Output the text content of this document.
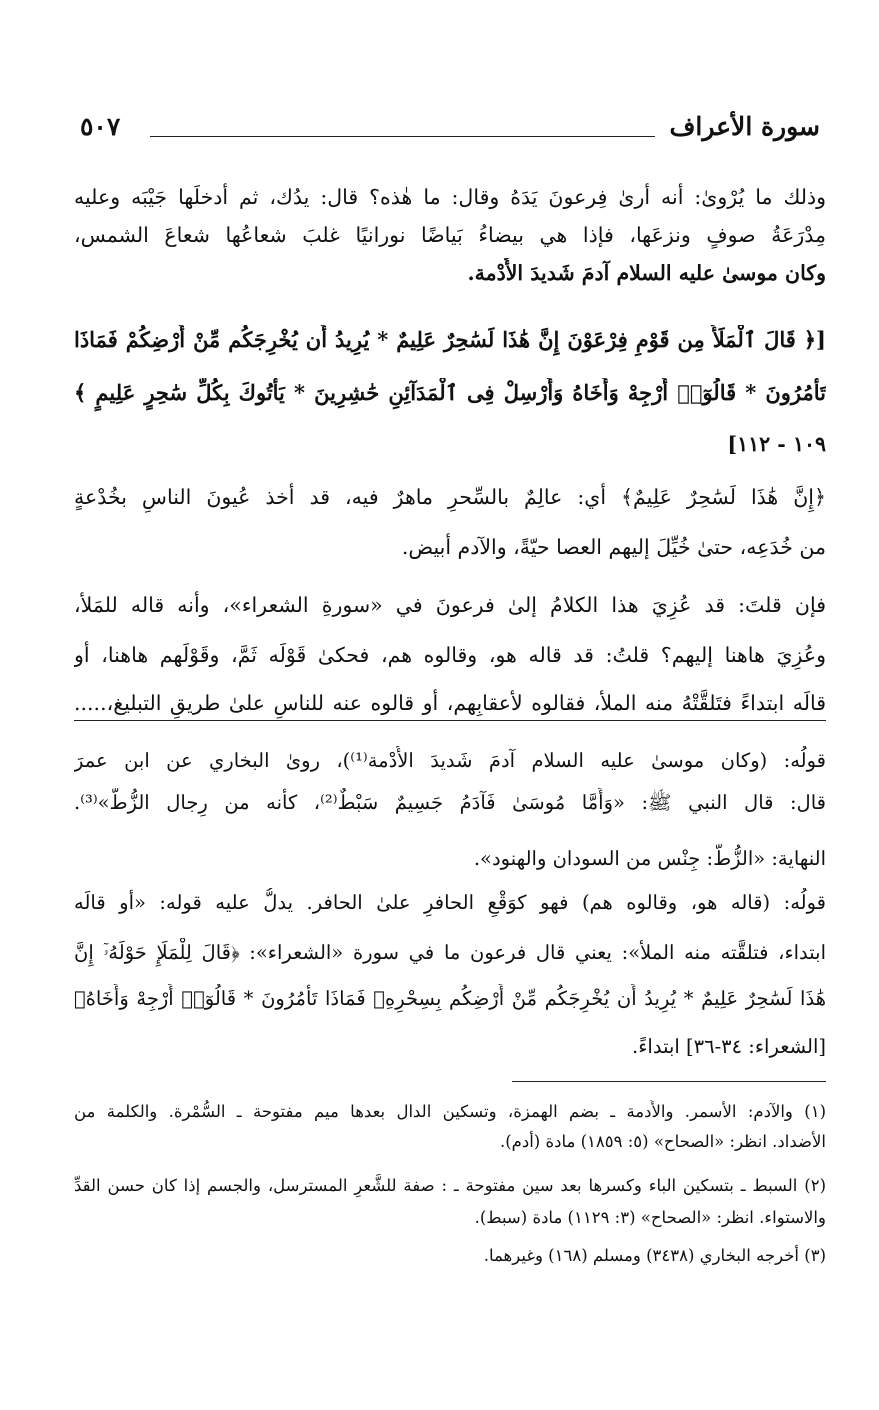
سورة الأعراف
٥٠٧
وذلك ما يُرْوىٰ: أنه أرىٰ فِرعونَ يَدَهُ وقال: ما هٰذه؟ قال: يدُك، ثم أدخلَها جَيْبَه وعليه
مِدْرَعَةُ صوفٍ ونزعَها، فإذا هي بيضاءُ بَياضًا نورانيًا غلبَ شعاعُها شعاعَ الشمس،
وكان موسىٰ عليه السلام آدمَ شَديدَ الأُدْمة.
[﴿ قَالَ ٱلْمَلَأُ مِن قَوْمِ فِرْعَوْنَ إِنَّ هَٰذَا لَسَٰحِرٌ عَلِيمٌ * يُرِيدُ أَن يُخْرِجَكُم مِّنْ أَرْضِكُمْ فَمَاذَا
تَأْمُرُونَ * قَالُوٓا۟ أَرْجِهْ وَأَخَاهُ وَأَرْسِلْ فِى ٱلْمَدَآئِنِ حَٰشِرِينَ * يَأْتُوكَ بِكُلِّ سَٰحِرٍ عَلِيمٍ ﴾
١٠٩ - ١١٢]
﴿إِنَّ هَٰذَا لَسَٰحِرٌ عَلِيمٌ﴾ أي: عالِمٌ بالسِّحرِ ماهرٌ فيه، قد أخذ عُيونَ الناسِ بخُدْعةٍ
من خُدَعِه، حتىٰ خُيِّلَ إليهم العصا حيّةً، والآدم أبيض.
فإن قلتَ: قد عُزِيَ هذا الكلامُ إلىٰ فرعونَ في «سورةِ الشعراء»، وأنه قاله للمَلأ،
وعُزِيَ هاهنا إليهم؟ قلتُ: قد قاله هو، وقالوه هم، فحكىٰ قَوْلَه ثَمَّ، وقَوْلَهم هاهنا، أو
قالَه ابتداءً فتَلقَّتْهُ منه الملأ، فقالوه لأعقابِهم، أو قالوه عنه للناسِ علىٰ طريقِ التبليغ،.....
قولُه: (وكان موسىٰ عليه السلام آدمَ شَديدَ الأُدْمة⁽¹⁾)، روىٰ البخاري عن ابن عمرَ
قال: قال النبي ﷺ: «وَأَمَّا مُوسَىٰ فَآدَمُ جَسِيمٌ سَبْطٌ⁽²⁾، كأنه من رِجال الزُّطّ»⁽³⁾.
النهاية: «الزُّطّ: جِنْس من السودان والهنود».
قولُه: (قاله هو، وقالوه هم) فهو كوَقْعِ الحافرِ علىٰ الحافر. يدلُّ عليه قوله: «أو قالَه
ابتداء، فتلقَّته منه الملأ»: يعني قال فرعون ما في سورة «الشعراء»: ﴿قَالَ لِلْمَلَإِ حَوْلَهُۥٓ إِنَّ
هَٰذَا لَسَٰحِرٌ عَلِيمٌ * يُرِيدُ أَن يُخْرِجَكُم مِّنْ أَرْضِكُم بِسِحْرِهِۦ فَمَاذَا تَأْمُرُونَ * قَالُوٓا۟ أَرْجِهْ وَأَخَاهُ﴾
[الشعراء: ٣٤-٣٦] ابتداءً.
(١) والآدم: الأسمر. والأُدمة ـ بضم الهمزة، وتسكين الدال بعدها ميم مفتوحة ـ السُّمْرة. والكلمة من
الأضداد. انظر: «الصحاح» (٥: ١٨٥٩) مادة (أدم).
(٢) السبط ـ بتسكين الباء وكسرها بعد سين مفتوحة ـ : صفة للشَّعرِ المسترسل، والجسم إذا كان حسن القدِّ
والاستواء. انظر: «الصحاح» (٣: ١١٢٩) مادة (سبط).
(٣) أخرجه البخاري (٣٤٣٨) ومسلم (١٦٨) وغيرهما.
